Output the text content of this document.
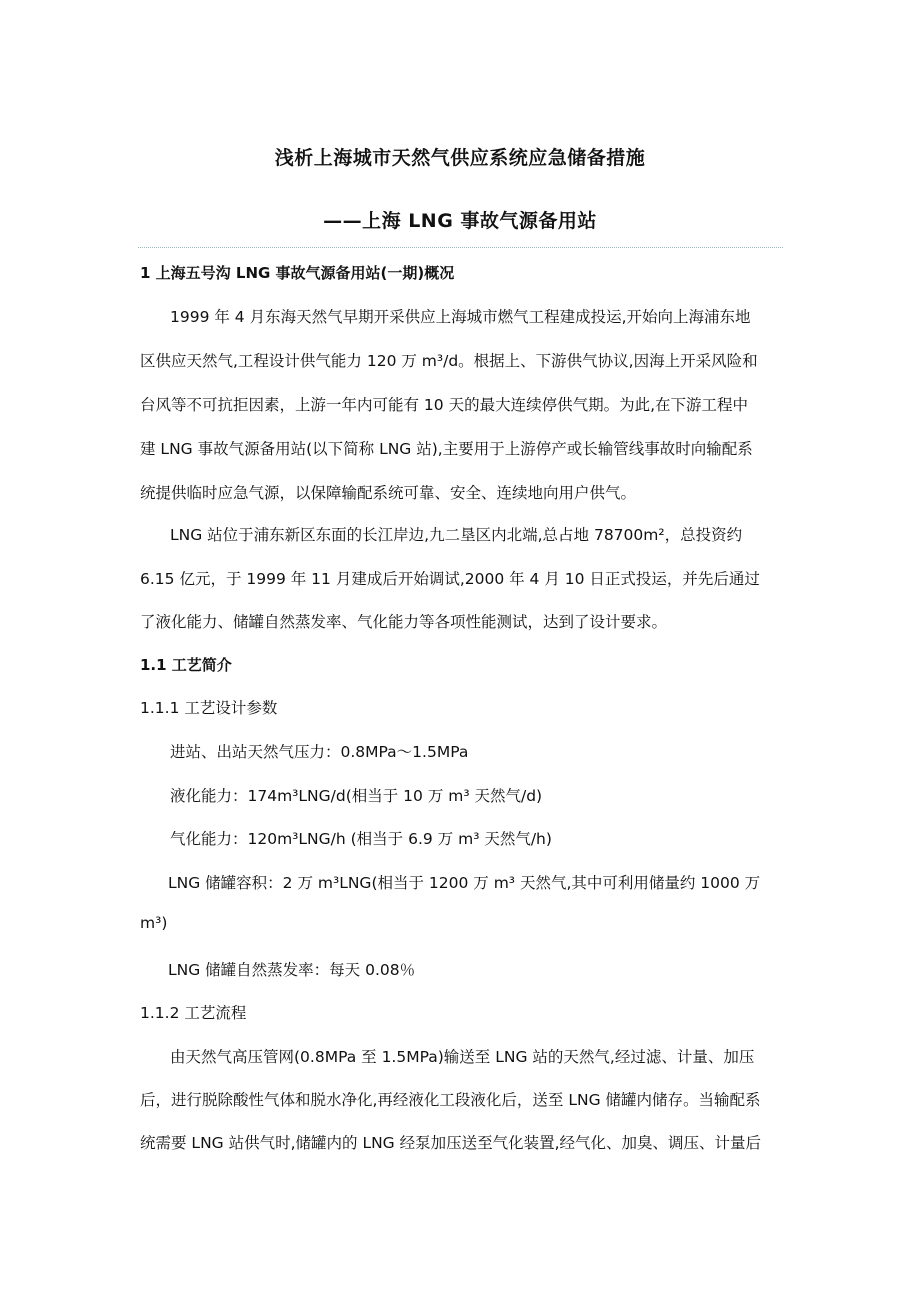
浅析上海城市天然气供应系统应急储备措施
——上海 LNG 事故气源备用站
1 上海五号沟 LNG 事故气源备用站(一期)概况
1999 年 4 月东海天然气早期开采供应上海城市燃气工程建成投运,开始向上海浦东地
区供应天然气,工程设计供气能力 120 万 m³/d。根据上、下游供气协议,因海上开采风险和
台风等不可抗拒因素，上游一年内可能有 10 天的最大连续停供气期。为此,在下游工程中
建 LNG 事故气源备用站(以下简称 LNG 站),主要用于上游停产或长输管线事故时向输配系
统提供临时应急气源，以保障输配系统可靠、安全、连续地向用户供气。
LNG 站位于浦东新区东面的长江岸边,九二垦区内北端,总占地 78700m²，总投资约
6.15 亿元，于 1999 年 11 月建成后开始调试,2000 年 4 月 10 日正式投运，并先后通过
了液化能力、储罐自然蒸发率、气化能力等各项性能测试，达到了设计要求。
1.1 工艺简介
1.1.1 工艺设计参数
进站、出站天然气压力：0.8MPa～1.5MPa
液化能力：174m³LNG/d(相当于 10 万 m³ 天然气/d)
气化能力：120m³LNG/h (相当于 6.9 万 m³ 天然气/h)
LNG 储罐容积：2 万 m³LNG(相当于 1200 万 m³ 天然气,其中可利用储量约 1000 万
m³)
LNG 储罐自然蒸发率：每天 0.08％
1.1.2 工艺流程
由天然气高压管网(0.8MPa 至 1.5MPa)输送至 LNG 站的天然气,经过滤、计量、加压
后，进行脱除酸性气体和脱水净化,再经液化工段液化后，送至 LNG 储罐内储存。当输配系
统需要 LNG 站供气时,储罐内的 LNG 经泵加压送至气化装置,经气化、加臭、调压、计量后
